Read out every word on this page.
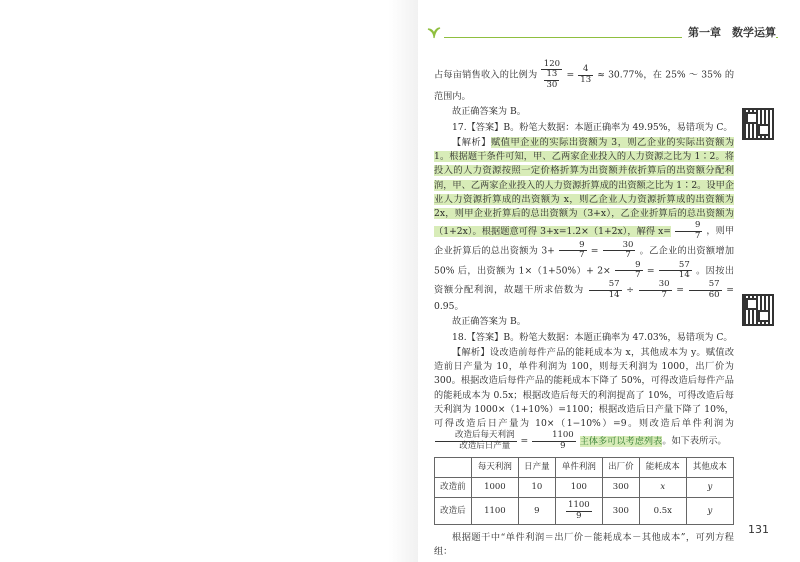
第一章　数学运算

占每亩销售收入的比例为 $\frac{120}{\frac{13}{30}} = \frac{4}{13} \approx 30.77\%$，在 25% ～ 35% 的范围内。

故正确答案为 B。

17.【答案】B。粉笔大数据：本题正确率为 49.95%，易错项为 C。

【解析】赋值甲企业的实际出资额为 3，则乙企业的实际出资额为 1。根据题干条件可知，甲、乙两家企业投入的人力资源之比为 1∶2。将投入的人力资源按照一定价格折算为出资额并依折算后的出资额分配利润，甲、乙两家企业投入的人力资源折算成的出资额之比为 1∶2。设甲企业人力资源折算成的出资额为 x，则乙企业人力资源折算成的出资额为 2x，则甲企业折算后的总出资额为（3+x），乙企业折算后的总出资额为（1+2x）。根据题意可得 3+x=1.2×（1+2x），解得 $x= \frac{9}{7}$ ，则甲企业折算后的总出资额为 $3+ \frac{9}{7} = \frac{30}{7}$ 。乙企业的出资额增加 50% 后，出资额为 $1\times(1+50\%)+ 2\times \frac{9}{7} = \frac{57}{14}$ 。因按出资额分配利润，故题干所求倍数为 $\frac{57}{14} \div \frac{30}{7} = \frac{57}{60} = 0.95$。

故正确答案为 B。

18.【答案】B。粉笔大数据：本题正确率为 47.03%，易错项为 C。

【解析】设改造前每件产品的能耗成本为 x，其他成本为 y。赋值改造前日产量为 10，单件利润为 100，则每天利润为 1000，出厂价为 300。根据改造后每件产品的能耗成本下降了 50%，可得改造后每件产品的能耗成本为 0.5x；根据改造后每天的利润提高了 10%，可得改造后每天利润为 1000×（1+10%）=1100；根据改造后日产量下降了 10%，可得改造后日产量为 10×（1−10%）=9。则改造后单件利润为
$\frac{\text{改造后每天利润}}{\text{改造后日产量}} = \frac{1100}{9}$ 主体多可以考虑列表。如下表所示。

	每天利润	日产量	单件利润	出厂价	能耗成本	其他成本
改造前	1000	10	100	300	x	y
改造后	1100	9	$\frac{1100}{9}$	300	0.5x	y

根据题干中“单件利润＝出厂价－能耗成本－其他成本”，可列方程组：

131
